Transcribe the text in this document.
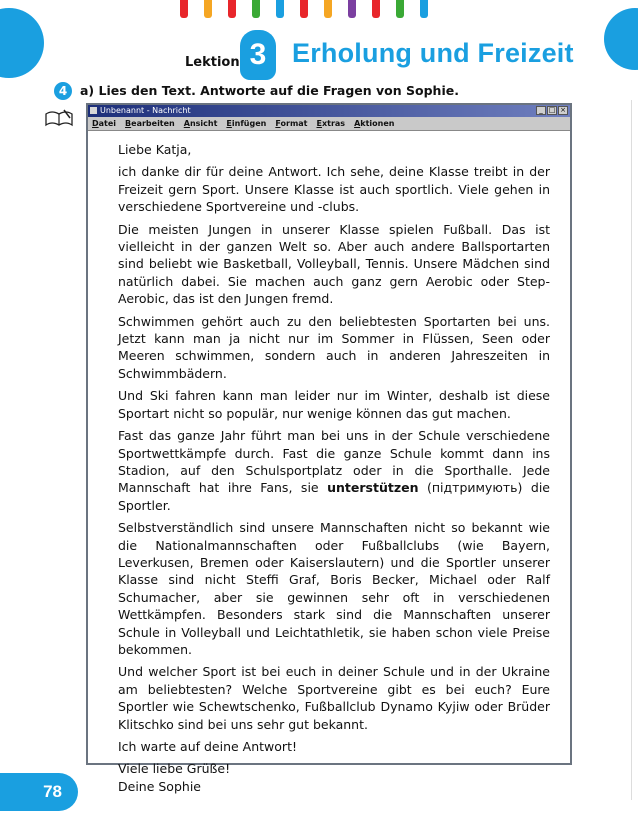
Lektion 3 Erholung und Freizeit
4	a) Lies den Text. Antworte auf die Fragen von Sophie.
Unbenannt - Nachricht	_ □ ×
Datei Bearbeiten Ansicht Einfügen Format Extras Aktionen

Liebe Katja,

ich danke dir für deine Antwort. Ich sehe, deine Klasse treibt in der Freizeit gern Sport. Unsere Klasse ist auch sportlich. Viele gehen in verschiedene Sportvereine und -clubs.

Die meisten Jungen in unserer Klasse spielen Fußball. Das ist vielleicht in der ganzen Welt so. Aber auch andere Ballsportarten sind beliebt wie Basketball, Volleyball, Tennis. Unsere Mädchen sind natürlich dabei. Sie machen auch ganz gern Aerobic oder Step-Aerobic, das ist den Jungen fremd.

Schwimmen gehört auch zu den beliebtesten Sportarten bei uns. Jetzt kann man ja nicht nur im Sommer in Flüssen, Seen oder Meeren schwimmen, sondern auch in anderen Jahreszeiten in Schwimmbädern.

Und Ski fahren kann man leider nur im Winter, deshalb ist diese Sportart nicht so populär, nur wenige können das gut machen.

Fast das ganze Jahr führt man bei uns in der Schule verschiedene Sportwettkämpfe durch. Fast die ganze Schule kommt dann ins Stadion, auf den Schulsportplatz oder in die Sporthalle. Jede Mannschaft hat ihre Fans, sie unterstützen (підтримують) die Sportler.

Selbstverständlich sind unsere Mannschaften nicht so bekannt wie die Nationalmannschaften oder Fußballclubs (wie Bayern, Leverkusen, Bremen oder Kaiserslautern) und die Sportler unserer Klasse sind nicht Steffi Graf, Boris Becker, Michael oder Ralf Schumacher, aber sie gewinnen sehr oft in verschiedenen Wettkämpfen. Besonders stark sind die Mannschaften unserer Schule in Volleyball und Leichtathletik, sie haben schon viele Preise bekommen.

Und welcher Sport ist bei euch in deiner Schule und in der Ukraine am beliebtesten? Welche Sportvereine gibt es bei euch? Eure Sportler wie Schewtschenko, Fußballclub Dynamo Kyjiw oder Brüder Klitschko sind bei uns sehr gut bekannt.

Ich warte auf deine Antwort!

Viele liebe Grüße!

Deine Sophie

78
